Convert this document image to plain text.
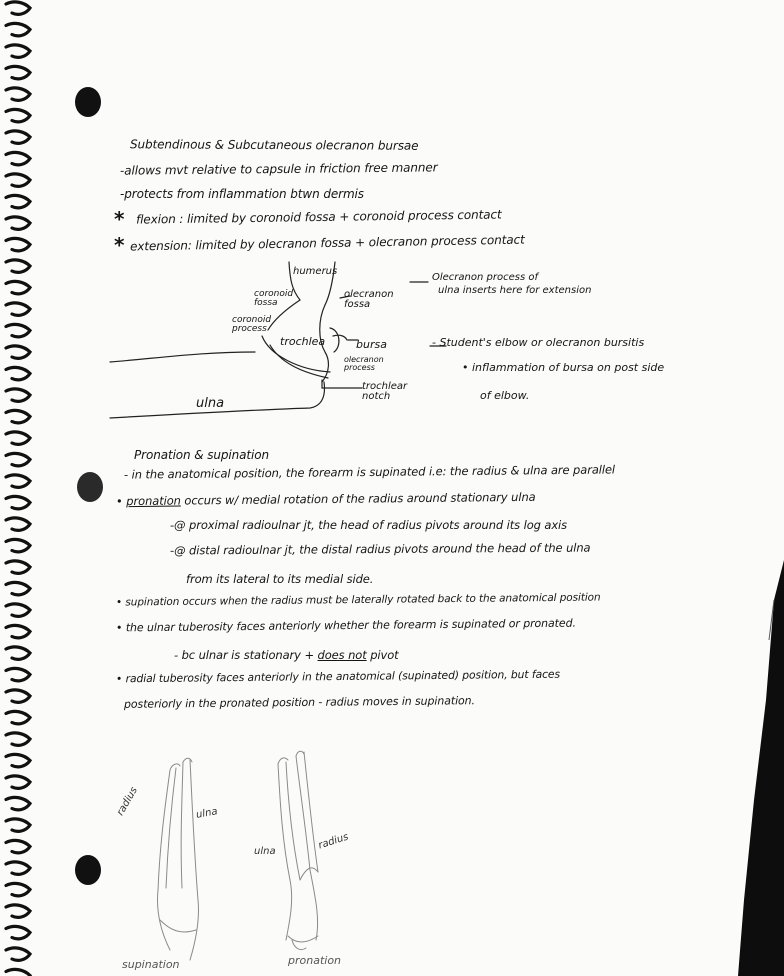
Subtendinous & Subcutaneous olecranon bursae
-allows mvt relative to capsule in friction free manner
-protects from inflammation btwn dermis
* flexion : limited by coronoid fossa + coronoid process contact
* extension: limited by olecranon fossa + olecranon process contact
humerus
coronoid fossa
coronoid process
trochlea
olecranon fossa
Olecranon process of
ulna inserts here for extension
bursa
olecranon process
trochlear notch
ulna
- Student's elbow or olecranon bursitis
• inflammation of bursa on post side
of elbow.
Pronation & supination
- in the anatomical position, the forearm is supinated i.e: the radius & ulna are parallel
• pronation occurs w/ medial rotation of the radius around stationary ulna
-@ proximal radioulnar jt, the head of radius pivots around its log axis
-@ distal radioulnar jt, the distal radius pivots around the head of the ulna
from its lateral to its medial side.
• supination occurs when the radius must be laterally rotated back to the anatomical position
• the ulnar tuberosity faces anteriorly whether the forearm is supinated or pronated.
- bc ulnar is stationary + does not pivot
• radial tuberosity faces anteriorly in the anatomical (supinated) position, but faces
posteriorly in the pronated position - radius moves in supination.
radius	ulna
supination
ulna	radius
pronation
